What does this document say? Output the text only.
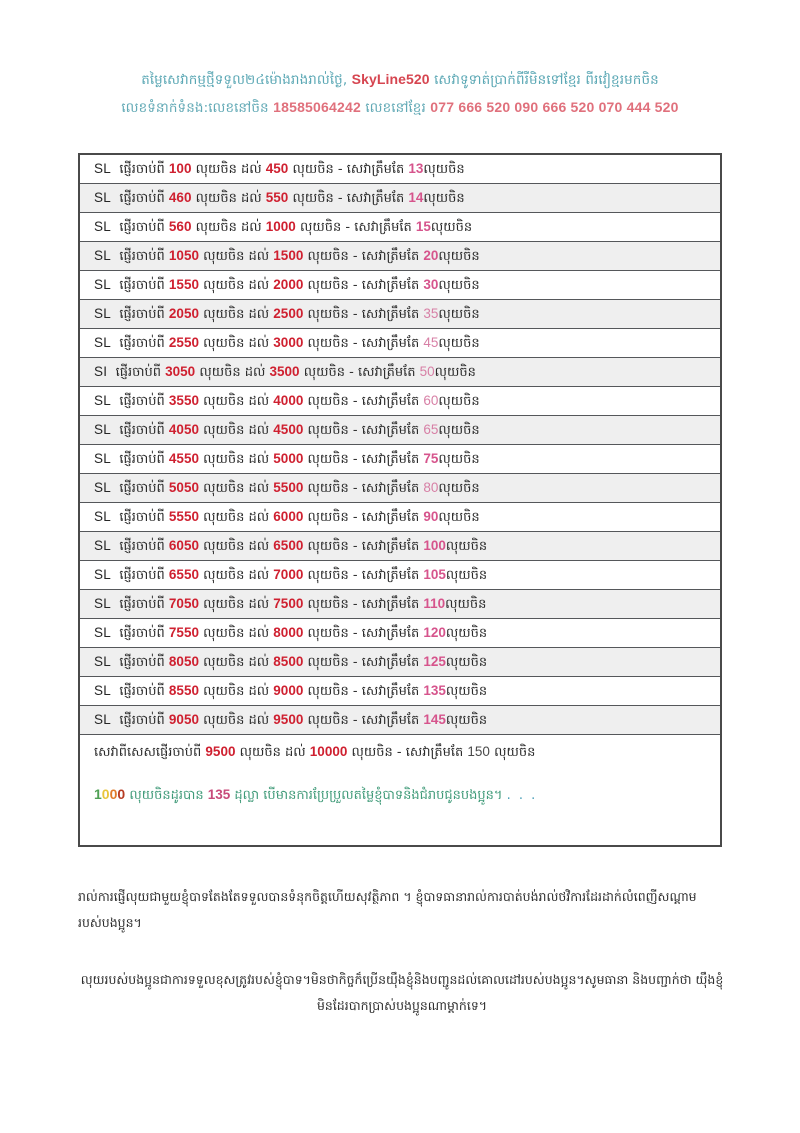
តម្លៃសេវាកម្មថ្មីទទួល២៤ម៉ោងរាងរាល់ថ្ងៃ, SkyLine520 សេវាទូទាត់ប្រាក់ពីរឺមិនទៅខ្មែរ ពីរវៀខ្មរមកចិន
លេខទំនាក់ទំនង:លេខនៅចិន 18585064242 លេខនៅខ្មែរ 077 666 520 090 666 520 070 444 520
SL ផ្ញើរចាប់ពី 100 លុយចិន ដល់ 450 លុយចិន - សេវាត្រឹមតែ 13លុយចិន
SL ផ្ញើរចាប់ពី 460 លុយចិន ដល់ 550 លុយចិន - សេវាត្រឹមតែ 14លុយចិន
SL ផ្ញើរចាប់ពី 560 លុយចិន ដល់ 1000 លុយចិន - សេវាត្រឹមតែ 15លុយចិន
SL ផ្ញើរចាប់ពី 1050 លុយចិន ដល់ 1500 លុយចិន - សេវាត្រឹមតែ 20លុយចិន
SL ផ្ញើរចាប់ពី 1550 លុយចិន ដល់ 2000 លុយចិន - សេវាត្រឹមតែ 30លុយចិន
SL ផ្ញើរចាប់ពី 2050 លុយចិន ដល់ 2500 លុយចិន - សេវាត្រឹមតែ 35លុយចិន
SL ផ្ញើរចាប់ពី 2550 លុយចិន ដល់ 3000 លុយចិន - សេវាត្រឹមតែ 45លុយចិន
SI ផ្ញើរចាប់ពី 3050 លុយចិន ដល់ 3500 លុយចិន - សេវាត្រឹមតែ 50លុយចិន
SL ផ្ញើរចាប់ពី 3550 លុយចិន ដល់ 4000 លុយចិន - សេវាត្រឹមតែ 60លុយចិន
SL ផ្ញើរចាប់ពី 4050 លុយចិន ដល់ 4500 លុយចិន - សេវាត្រឹមតែ 65លុយចិន
SL ផ្ញើរចាប់ពី 4550 លុយចិន ដល់ 5000 លុយចិន - សេវាត្រឹមតែ 75លុយចិន
SL ផ្ញើរចាប់ពី 5050 លុយចិន ដល់ 5500 លុយចិន - សេវាត្រឹមតែ 80លុយចិន
SL ផ្ញើរចាប់ពី 5550 លុយចិន ដល់ 6000 លុយចិន - សេវាត្រឹមតែ 90លុយចិន
SL ផ្ញើរចាប់ពី 6050 លុយចិន ដល់ 6500 លុយចិន - សេវាត្រឹមតែ 100លុយចិន
SL ផ្ញើរចាប់ពី 6550 លុយចិន ដល់ 7000 លុយចិន - សេវាត្រឹមតែ 105លុយចិន
SL ផ្ញើរចាប់ពី 7050 លុយចិន ដល់ 7500 លុយចិន - សេវាត្រឹមតែ 110លុយចិន
SL ផ្ញើរចាប់ពី 7550 លុយចិន ដល់ 8000 លុយចិន - សេវាត្រឹមតែ 120លុយចិន
SL ផ្ញើរចាប់ពី 8050 លុយចិន ដល់ 8500 លុយចិន - សេវាត្រឹមតែ 125លុយចិន
SL ផ្ញើរចាប់ពី 8550 លុយចិន ដល់ 9000 លុយចិន - សេវាត្រឹមតែ 135លុយចិន
SL ផ្ញើរចាប់ពី 9050 លុយចិន ដល់ 9500 លុយចិន - សេវាត្រឹមតែ 145លុយចិន
សេវាពីសេសផ្ញើរចាប់ពី 9500 លុយចិន ដល់ 10000 លុយចិន - សេវាត្រឹមតែ 150 លុយចិន
1000 លុយចិនដូរបាន 135 ដុល្លា បើមានការប្រែប្រួលតម្លៃខ្ញុំបាទនិងជំរាបជូនបងប្អូន។ . . .
រាល់ការផ្ញើលុយជាមួយខ្ញុំបាទតែងតែទទួលបានទំនុកចិត្តហើយសុវត្ថិភាព ។ ខ្ញុំបាទធានារាល់ការបាត់បង់រាល់ថវិការដែរដាក់លំពេញីសណ្ដាមរបស់បងប្អូន។
លុយរបស់បងប្អូនជាការទទួលខុសត្រូវរបស់ខ្ញុំបាទ។មិនថាកិច្ចក៏ប្រើនយ៉ឹងខ្ញុំនិងបញ្ជូនដល់គោលដៅរបស់បងប្អូន។សូមធានា និងបញ្ជាក់ថា យ៉ឹងខ្ញុំមិនដែរបាកប្រាស់បងប្អូនណាម្ដាក់ទេ។
